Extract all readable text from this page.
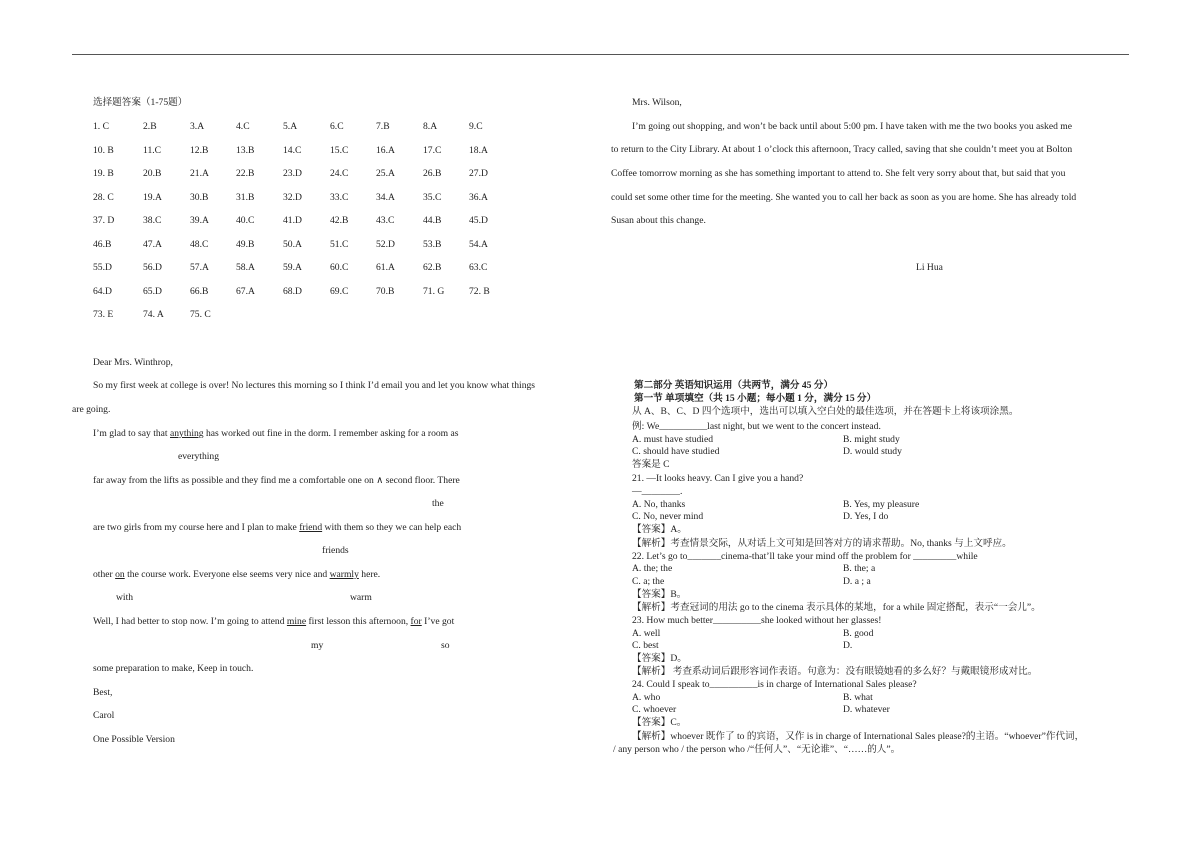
选择题答案（1-75题）
1. C	2.B	3.A	4.C	5.A	6.C	7.B	8.A	9.C
10. B	11.C	12.B	13.B	14.C	15.C	16.A	17.C	18.A
19. B	20.B	21.A	22.B	23.D	24.C	25.A	26.B	27.D
28. C	19.A	30.B	31.B	32.D	33.C	34.A	35.C	36.A
37. D	38.C	39.A	40.C	41.D	42.B	43.C	44.B	45.D
46.B	47.A	48.C	49.B	50.A	51.C	52.D	53.B	54.A
55.D	56.D	57.A	58.A	59.A	60.C	61.A	62.B	63.C
64.D	65.D	66.B	67.A	68.D	69.C	70.B	71. G	72. B
73. E	74. A	75. C
Dear Mrs. Winthrop,
So my first week at college is over! No lectures this morning so I think I’d email you and let you know what things
are going.
I’m glad to say that anything has worked out fine in the dorm. I remember asking for a room as
everything
far away from the lifts as possible and they find me a comfortable one on ∧ second floor. There
the
are two girls from my course here and I plan to make friend with them so they we can help each
friends
other on the course work. Everyone else seems very nice and warmly here.
with	warm
Well, I had better to stop now. I’m going to attend mine first lesson this afternoon, for I’ve got
my	so
some preparation to make, Keep in touch.
Best,
Carol
One Possible Version
Mrs. Wilson,
I’m going out shopping, and won’t be back until about 5:00 pm. I have taken with me the two books you asked me
to return to the City Library. At about 1 o’clock this afternoon, Tracy called, saving that she couldn’t meet you at Bolton
Coffee tomorrow morning as she has something important to attend to. She felt very sorry about that, but said that you
could set some other time for the meeting. She wanted you to call her back as soon as you are home. She has already told
Susan about this change.
Li Hua
第二部分 英语知识运用（共两节，满分 45 分）
第一节 单项填空（共 15 小题；每小题 1 分，满分 15 分）
从 A、B、C、D 四个选项中，选出可以填入空白处的最佳选项，并在答题卡上将该项涂黑。
例: We__________last night, but we went to the concert instead.
A. must have studied	B. might study
C. should have studied	D. would study
答案是 C
21. —It looks heavy. Can I give you a hand?
—________.
A. No, thanks	B. Yes, my pleasure
C. No, never mind	D. Yes, I do
【答案】A。
【解析】考查情景交际，从对话上文可知是回答对方的请求帮助。No, thanks 与上文呼应。
22. Let’s go to_______cinema-that’ll take your mind off the problem for _________while
A. the; the	B. the; a
C. a; the	D. a ; a
【答案】B。
【解析】考查冠词的用法 go to the cinema 表示具体的某地，for a while 固定搭配，表示“一会儿”。
23. How much better__________she looked without her glasses!
A. well	B. good
C. best	D.
【答案】D。
【解析】 考查系动词后跟形容词作表语。句意为：没有眼镜她看的多么好？与戴眼镜形成对比。
24. Could I speak to__________is in charge of International Sales please?
A. who	B. what
C. whoever	D. whatever
【答案】C。
【解析】whoever 既作了 to 的宾语，又作 is in charge of International Sales please?的主语。“whoever”作代词，
/ any person who / the person who /“任何人”、“无论谁”、“……的人”。
